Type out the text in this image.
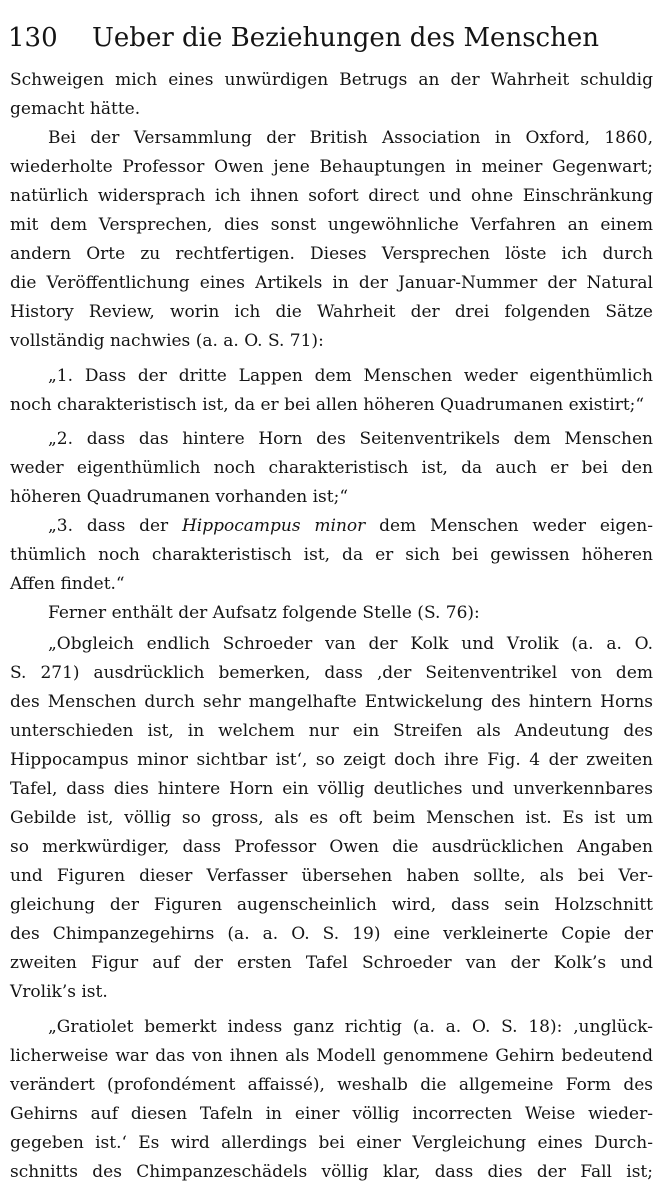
130 Ueber die Beziehungen des Menschen
Schweigen mich eines unwürdigen Betrugs an der Wahrheit schuldig
gemacht hätte.
Bei der Versammlung der British Association in Oxford, 1860,
wiederholte Professor Owen jene Behauptungen in meiner Gegenwart;
natürlich widersprach ich ihnen sofort direct und ohne Einschränkung
mit dem Versprechen, dies sonst ungewöhnliche Verfahren an einem
andern Orte zu rechtfertigen. Dieses Versprechen löste ich durch
die Veröffentlichung eines Artikels in der Januar-Nummer der Natural
History Review, worin ich die Wahrheit der drei folgenden Sätze
vollständig nachwies (a. a. O. S. 71):
„1. Dass der dritte Lappen dem Menschen weder eigenthümlich
noch charakteristisch ist, da er bei allen höheren Quadrumanen existirt;“
„2. dass das hintere Horn des Seitenventrikels dem Menschen
weder eigenthümlich noch charakteristisch ist, da auch er bei den
höheren Quadrumanen vorhanden ist;“
„3. dass der Hippocampus minor dem Menschen weder eigen-
thümlich noch charakteristisch ist, da er sich bei gewissen höheren
Affen findet.“
Ferner enthält der Aufsatz folgende Stelle (S. 76):
„Obgleich endlich Schroeder van der Kolk und Vrolik (a. a. O.
S. 271) ausdrücklich bemerken, dass ‚der Seitenventrikel von dem
des Menschen durch sehr mangelhafte Entwickelung des hintern Horns
unterschieden ist, in welchem nur ein Streifen als Andeutung des
Hippocampus minor sichtbar ist‘, so zeigt doch ihre Fig. 4 der zweiten
Tafel, dass dies hintere Horn ein völlig deutliches und unverkennbares
Gebilde ist, völlig so gross, als es oft beim Menschen ist. Es ist um
so merkwürdiger, dass Professor Owen die ausdrücklichen Angaben
und Figuren dieser Verfasser übersehen haben sollte, als bei Ver-
gleichung der Figuren augenscheinlich wird, dass sein Holzschnitt
des Chimpanzegehirns (a. a. O. S. 19) eine verkleinerte Copie der
zweiten Figur auf der ersten Tafel Schroeder van der Kolk’s und
Vrolik’s ist.
„Gratiolet bemerkt indess ganz richtig (a. a. O. S. 18): ‚unglück-
licherweise war das von ihnen als Modell genommene Gehirn bedeutend
verändert (profondément affaissé), weshalb die allgemeine Form des
Gehirns auf diesen Tafeln in einer völlig incorrecten Weise wieder-
gegeben ist.‘ Es wird allerdings bei einer Vergleichung eines Durch-
schnitts des Chimpanzeschädels völlig klar, dass dies der Fall ist;
